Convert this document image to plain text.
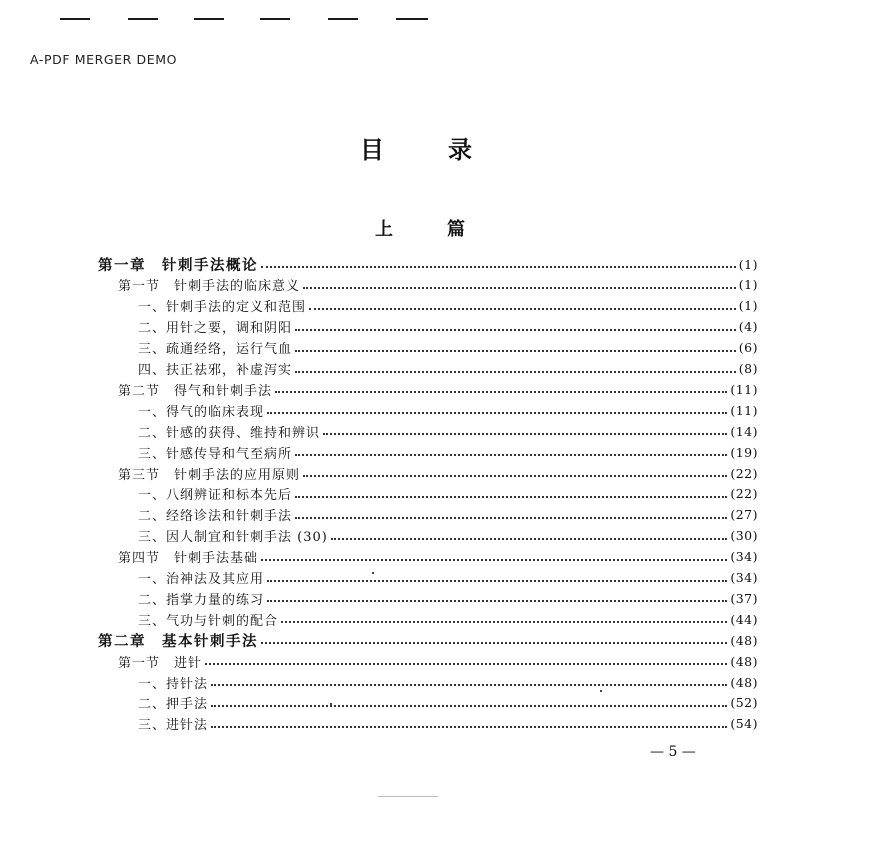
A-PDF MERGER DEMO
目录
上篇
第一章　针刺手法概论	(1)
第一节　针刺手法的临床意义	(1)
一、针刺手法的定义和范围	(1)
二、用针之要，调和阴阳	(4)
三、疏通经络，运行气血	(6)
四、扶正祛邪，补虚泻实	(8)
第二节　得气和针刺手法	(11)
一、得气的临床表现	(11)
二、针感的获得、维持和辨识	(14)
三、针感传导和气至病所	(19)
第三节　针刺手法的应用原则	(22)
一、八纲辨证和标本先后	(22)
二、经络诊法和针刺手法	(27)
三、因人制宜和针刺手法 (30)	(30)
第四节　针刺手法基础	(34)
一、治神法及其应用	(34)
二、指掌力量的练习	(37)
三、气功与针刺的配合	(44)
第二章　基本针刺手法	(48)
第一节　进针	(48)
一、持针法	(48)
二、押手法	(52)
三、进针法	(54)
— 5 —
